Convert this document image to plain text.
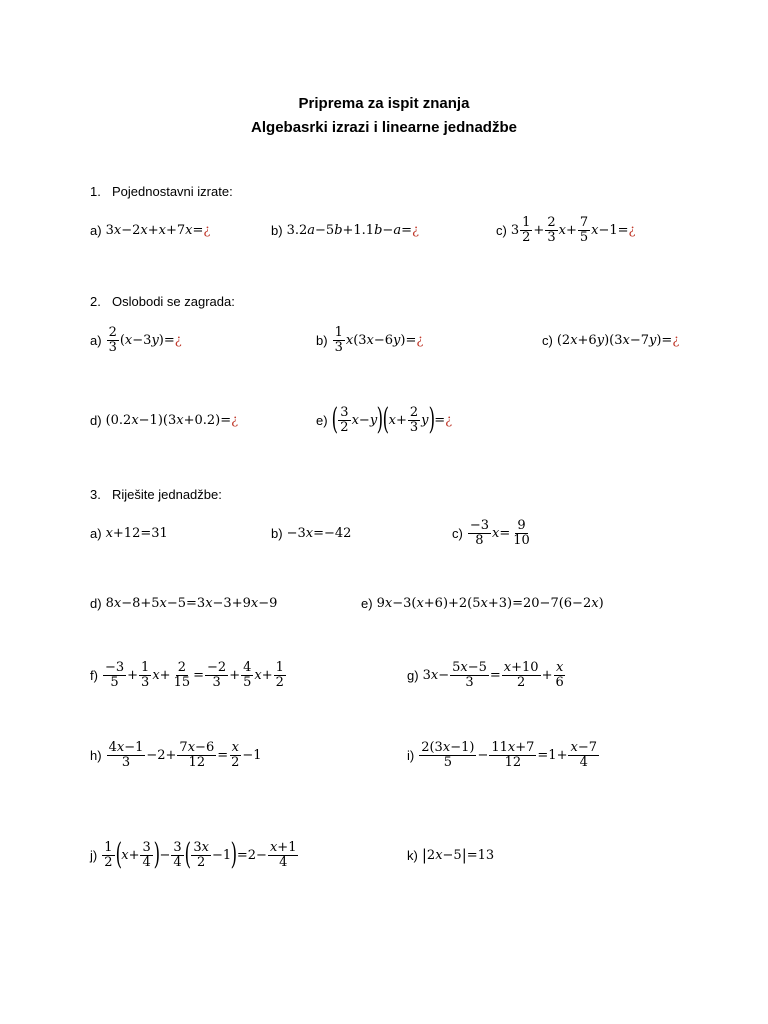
Priprema za ispit znanja
Algebasrki izrazi i linearne jednadžbe
1. Pojednostavni izrate:
a) 3 x −2 x + x +7 x = ¿	b) 3.2 a −5 b +1.1 b − a = ¿	c) $3 \frac{1}{2} + \frac{2}{3}$ $x + \frac{7}{5}$ x −1= ¿
2. Oslobodi se zagrada:
$a) \frac{2}{3}$ ( x −3 y )= ¿	$b) \frac{1}{3}$ x (3 x −6 y )= ¿	c) (2 x +6 y )(3 x −7 y )= ¿
d) (0.2 x −1)(3 x +0.2)= ¿	e) ( $\frac{3}{2}$ x − y ) ( $x + \frac{2}{3}$ y ) = ¿
3. Riješite jednadžbe:
a) x +12=31	b) −3 x =−42	$c) \frac{-3}{8}$ $x = \frac{9}{10}$
d) 8 x −8+5 x −5=3 x −3+9 x −9	e) 9 x −3( x +6)+2(5 x +3)=20−7(6−2 x )
$f) \frac{-3}{5} + \frac{1}{3}$ $x + \frac{2}{15} = \frac{-2}{3} + \frac{4}{5}$ $x + \frac{1}{2}$	g) 3 $x - \frac{5x-5}{3} = \frac{x+10}{2} + \frac{x}{6}$
$h) \frac{4x-1}{3} -2+ \frac{7x-6}{12} = \frac{x}{2} -1$	$i) \frac{2(3x-1)}{5} - \frac{11x+7}{12} =1+ \frac{x-7}{4}$
$j) \frac{1}{2}$ ( $x + \frac{3}{4}$ ) − $\frac{3}{4}$ ( $\frac{3x}{2} -1$ ) $=2- \frac{x+1}{4}$	k) | 2 x −5 | =13
